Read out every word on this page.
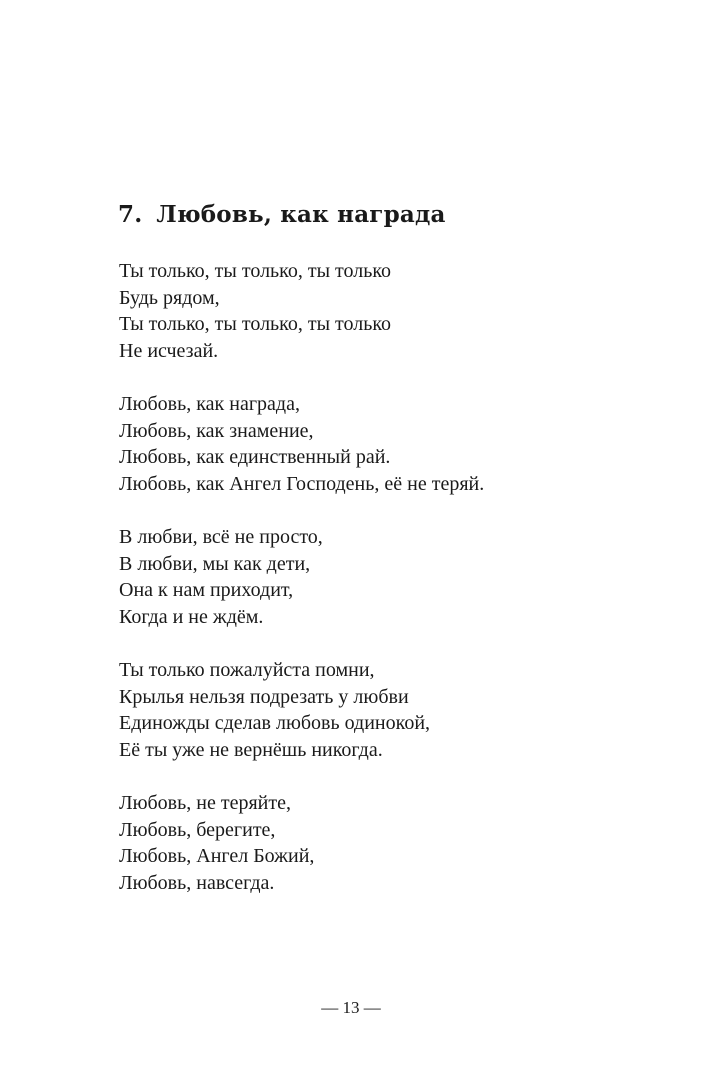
7. Любовь, как награда
Ты только, ты только, ты только
Будь рядом,
Ты только, ты только, ты только
Не исчезай.
Любовь, как награда,
Любовь, как знамение,
Любовь, как единственный рай.
Любовь, как Ангел Господень, её не теряй.
В любви, всё не просто,
В любви, мы как дети,
Она к нам приходит,
Когда и не ждём.
Ты только пожалуйста помни,
Крылья нельзя подрезать у любви
Единожды сделав любовь одинокой,
Её ты уже не вернёшь никогда.
Любовь, не теряйте,
Любовь, берегите,
Любовь, Ангел Божий,
Любовь, навсегда.
— 13 —
